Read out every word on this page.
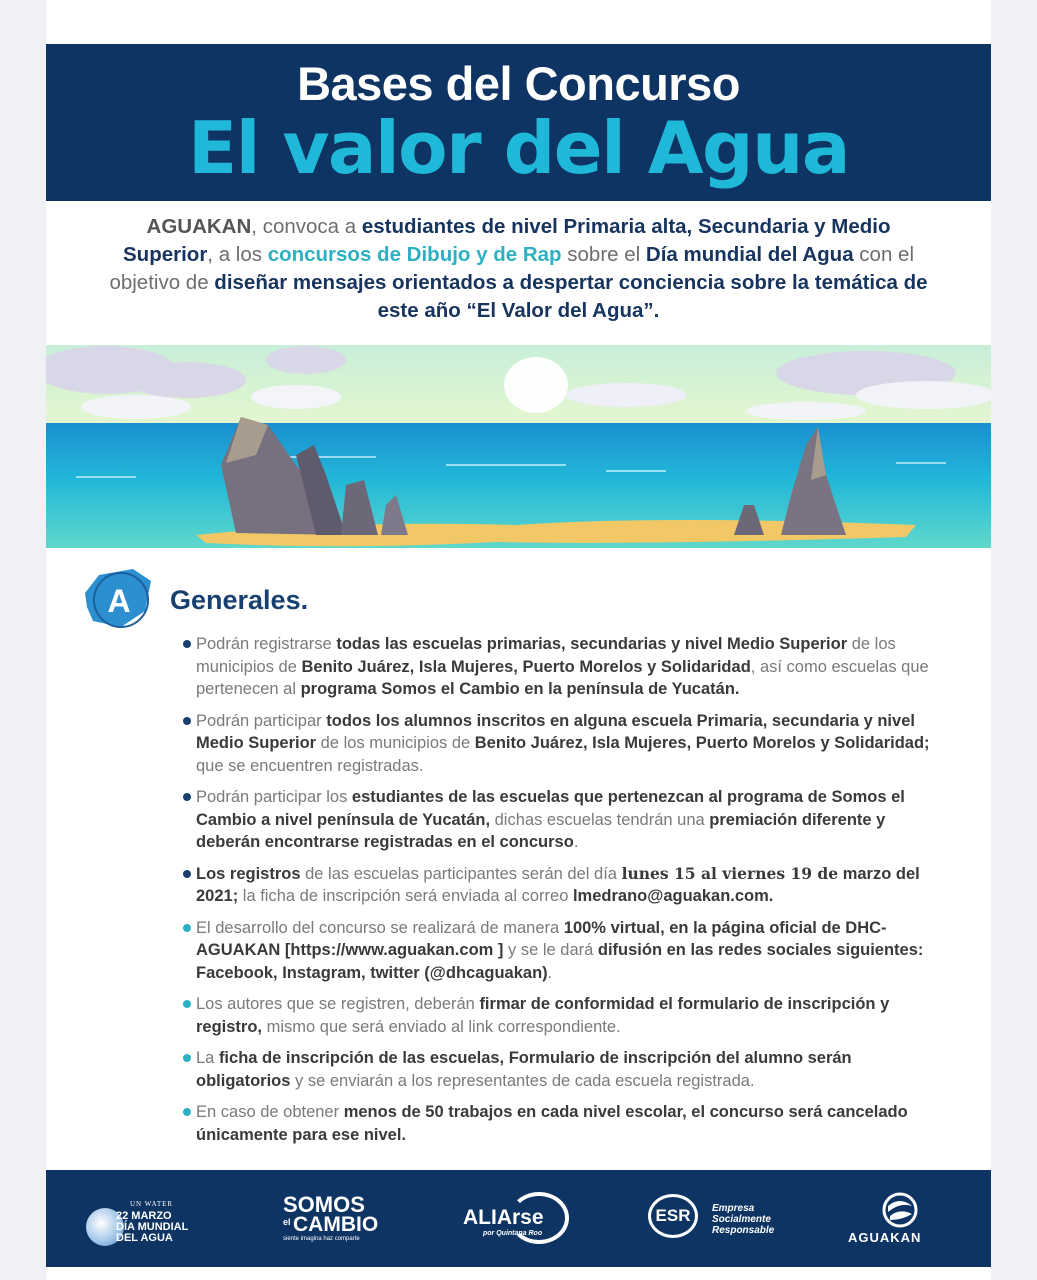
Bases del Concurso
El valor del Agua

AGUAKAN, convoca a estudiantes de nivel Primaria alta, Secundaria y Medio Superior, a los concursos de Dibujo y de Rap sobre el Día mundial del Agua con el objetivo de diseñar mensajes orientados a despertar conciencia sobre la temática de este año “El Valor del Agua”.

A Generales.
Podrán registrarse todas las escuelas primarias, secundarias y nivel Medio Superior de los municipios de Benito Juárez, Isla Mujeres, Puerto Morelos y Solidaridad, así como escuelas que pertenecen al programa Somos el Cambio en la península de Yucatán.
Podrán participar todos los alumnos inscritos en alguna escuela Primaria, secundaria y nivel Medio Superior de los municipios de Benito Juárez, Isla Mujeres, Puerto Morelos y Solidaridad; que se encuentren registradas.
Podrán participar los estudiantes de las escuelas que pertenezcan al programa de Somos el Cambio a nivel península de Yucatán, dichas escuelas tendrán una premiación diferente y deberán encontrarse registradas en el concurso.
Los registros de las escuelas participantes serán del día lunes 15 al viernes 19 de marzo del 2021; la ficha de inscripción será enviada al correo lmedrano@aguakan.com.
El desarrollo del concurso se realizará de manera 100% virtual, en la página oficial de DHC-AGUAKAN [https://www.aguakan.com ] y se le dará difusión en las redes sociales siguientes: Facebook, Instagram, twitter (@dhcaguakan).
Los autores que se registren, deberán firmar de conformidad el formulario de inscripción y registro, mismo que será enviado al link correspondiente.
La ficha de inscripción de las escuelas, Formulario de inscripción del alumno serán obligatorios y se enviarán a los representantes de cada escuela registrada.
En caso de obtener menos de 50 trabajos en cada nivel escolar, el concurso será cancelado únicamente para ese nivel.
UN WATER
22 MARZO
DÍA MUNDIAL
DEL AGUA
SOMOS
el CAMBIO
siente imagina haz comparte
ALIArse
por Quintana Roo
ESR	Empresa
Socialmente
Responsable	AGUAKAN
